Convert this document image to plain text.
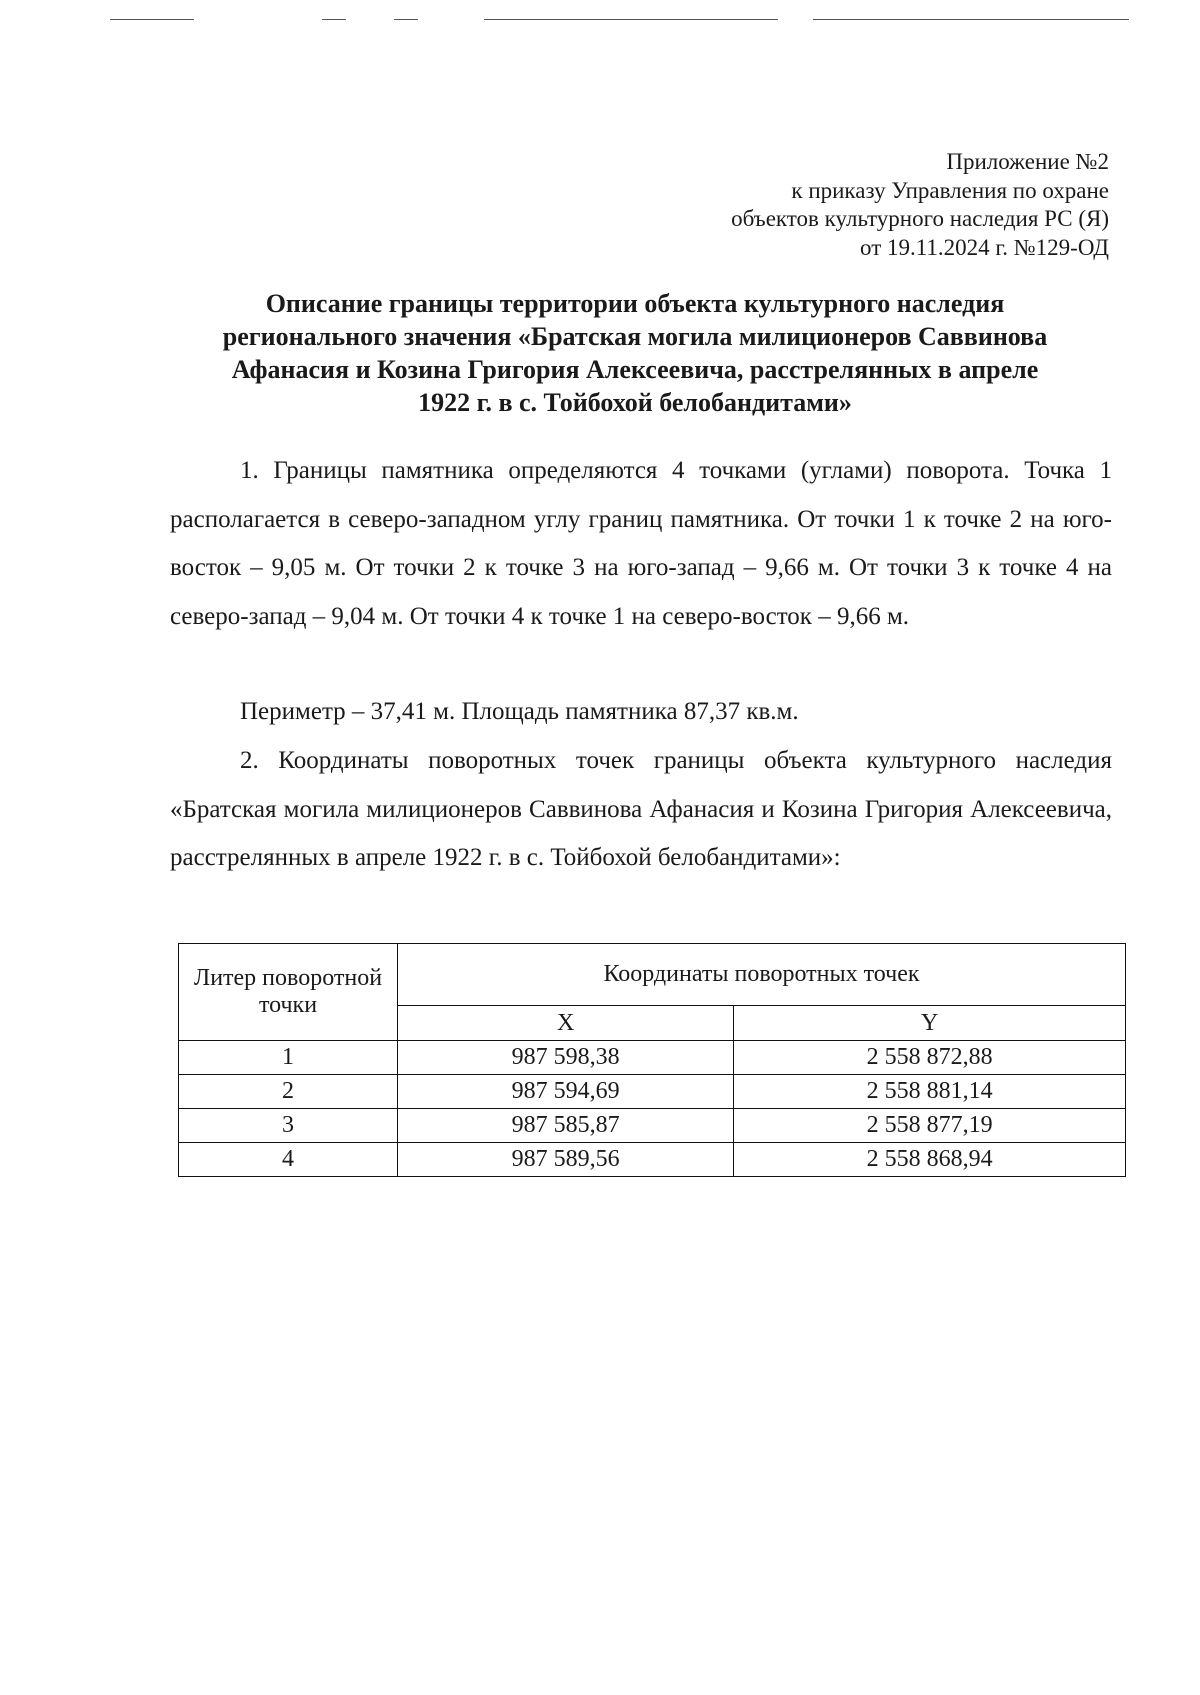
Приложение №2
к приказу Управления по охране
объектов культурного наследия РС (Я)
от 19.11.2024 г. №129-ОД
Описание границы территории объекта культурного наследия
регионального значения «Братская могила милиционеров Саввинова
Афанасия и Козина Григория Алексеевича, расстрелянных в апреле
1922 г. в с. Тойбохой белобандитами»

1. Границы памятника определяются 4 точками (углами) поворота. Точка 1 располагается в северо-западном углу границ памятника. От точки 1 к точке 2 на юго-восток – 9,05 м. От точки 2 к точке 3 на юго-запад – 9,66 м. От точки 3 к точке 4 на северо-запад – 9,04 м. От точки 4 к точке 1 на северо-восток – 9,66 м.

Периметр – 37,41 м. Площадь памятника 87,37 кв.м.

2. Координаты поворотных точек границы объекта культурного наследия «Братская могила милиционеров Саввинова Афанасия и Козина Григория Алексеевича, расстрелянных в апреле 1922 г. в с. Тойбохой белобандитами»:

Литер поворотной точки	Координаты поворотных точек	
	X	Y
1	987 598,38	2 558 872,88
2	987 594,69	2 558 881,14
3	987 585,87	2 558 877,19
4	987 589,56	2 558 868,94
